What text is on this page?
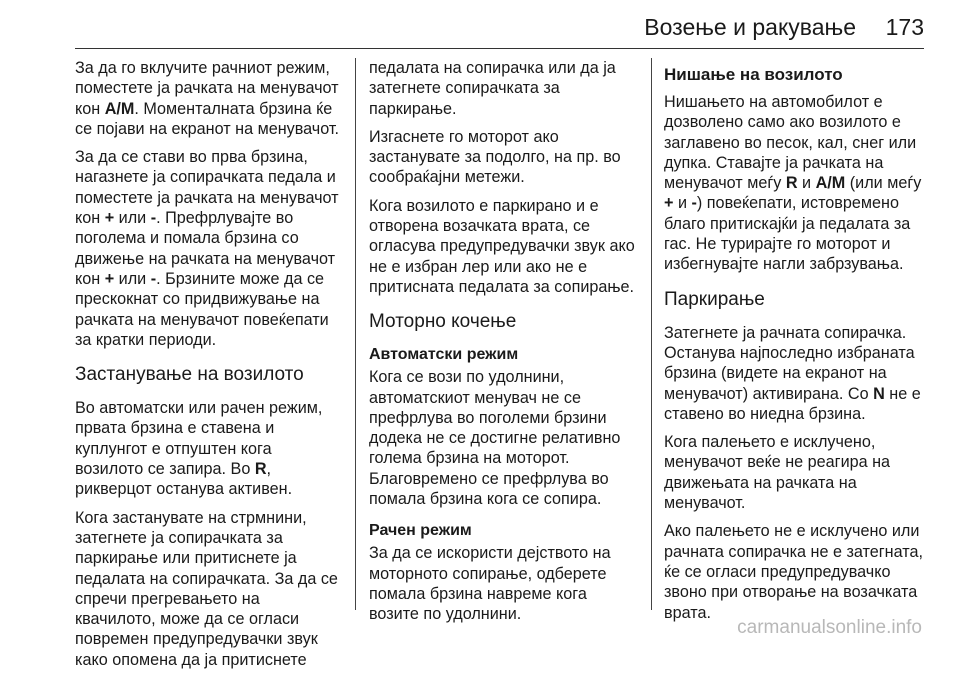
Возење и ракување 173

За да го вклучите рачниот режим,
поместете ја рачката на менувачот
кон A/M. Моменталната брзина ќе
се појави на екранот на менувачот.

За да се стави во прва брзина,
нагазнете ја сопирачката педала и
поместете ја рачката на менувачот
кон + или -. Префрлувајте во
поголема и помала брзина со
движење на рачката на менувачот
кон + или -. Брзините може да се
прескокнат со придвижување на
рачката на менувачот повеќепати
за кратки периоди.

Застанување на возилото

Во автоматски или рачен режим,
првата брзина е ставена и
куплунгот е отпуштен кога
возилото се запира. Во R,
рикверцот останува активен.

Кога застанувате на стрмнини,
затегнете ја сопирачката за
паркирање или притиснете ја
педалата на сопирачката. За да се
спречи прегревањето на
квачилото, може да се огласи
повремен предупредувачки звук
како опомена да ја притиснете

педалата на сопирачка или да ја
затегнете сопирачката за
паркирање.

Изгаснете го моторот ако
застанувате за подолго, на пр. во
сообраќајни метежи.

Кога возилото е паркирано и е
отворена возачката врата, се
огласува предупредувачки звук ако
не е избран лер или ако не е
притисната педалата за сопирање.

Моторно кочење
Автоматски режим

Кога се вози по удолнини,
автоматскиот менувач не се
префрлува во поголеми брзини
додека не се достигне релативно
голема брзина на моторот.
Благовремено се префрлува во
помала брзина кога се сопира.

Рачен режим

За да се искористи дејството на
моторното сопирање, одберете
помала брзина навреме кога
возите по удолнини.

Нишање на возилото

Нишањето на автомобилот е
дозволено само ако возилото е
заглавено во песок, кал, снег или
дупка. Ставајте ја рачката на
менувачот меѓу R и A/M (или меѓу
+ и -) повеќепати, истовремено
благо притискајќи ја педалата за
гас. Не турирајте го моторот и
избегнувајте нагли забрзувања.

Паркирање

Затегнете ја рачната сопирачка.
Останува најпоследно избраната
брзина (видете на екранот на
менувачот) активирана. Со N не е
ставено во ниедна брзина.

Кога палењето е исклучено,
менувачот веќе не реагира на
движењата на рачката на
менувачот.

Ако палењето не е исклучено или
рачната сопирачка не е затегната,
ќе се огласи предупредувачко
звоно при отворање на возачката
врата.

carmanualsonline.info
